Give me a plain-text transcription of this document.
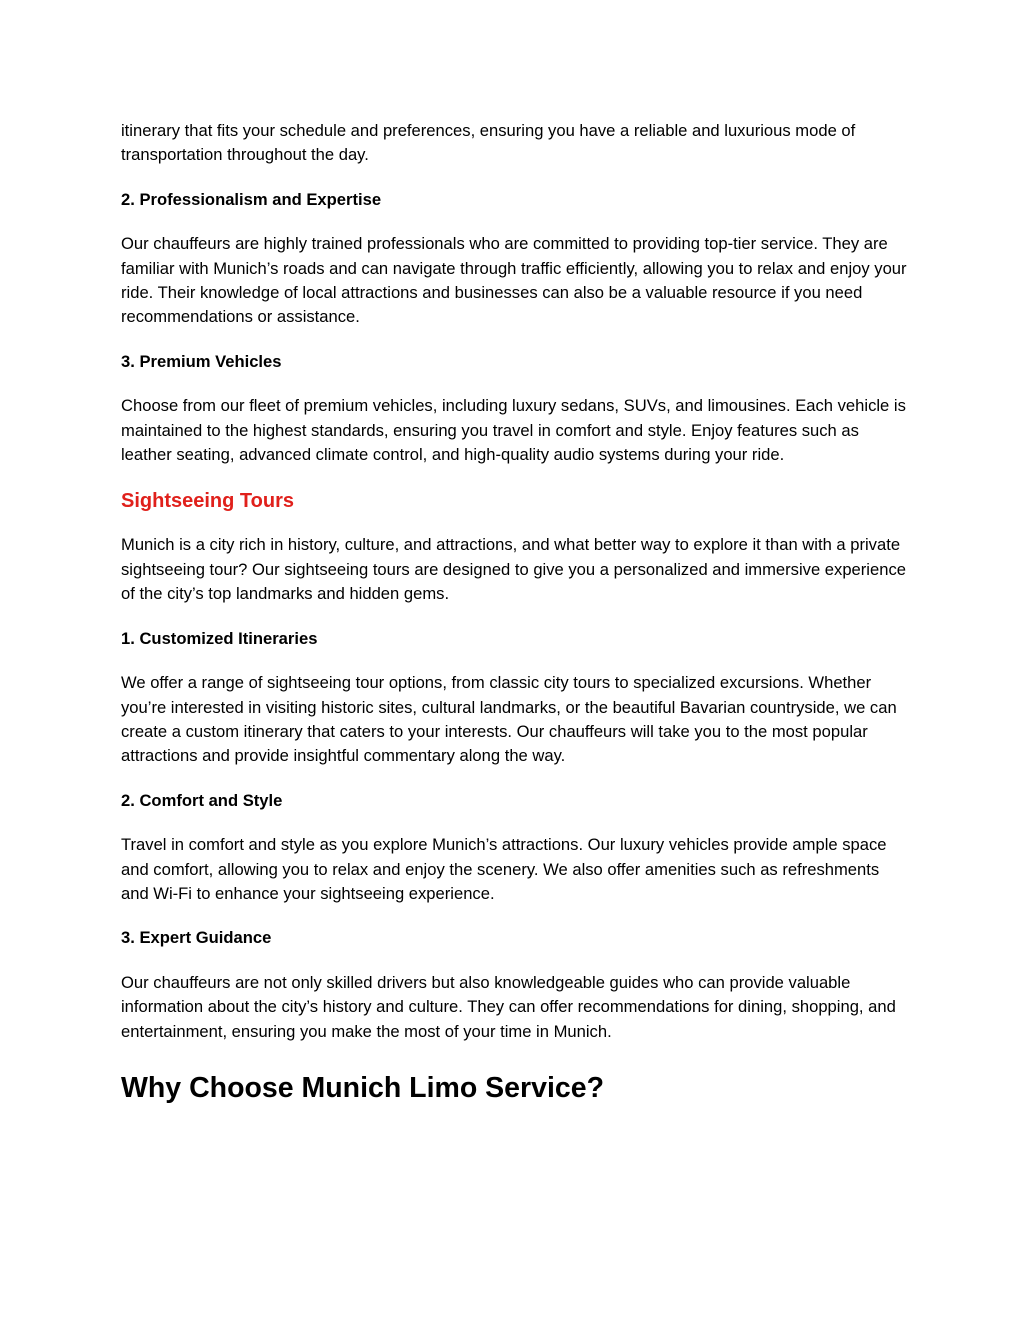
itinerary that fits your schedule and preferences, ensuring you have a reliable and luxurious mode of transportation throughout the day.

2. Professionalism and Expertise

Our chauffeurs are highly trained professionals who are committed to providing top-tier service. They are familiar with Munich’s roads and can navigate through traffic efficiently, allowing you to relax and enjoy your ride. Their knowledge of local attractions and businesses can also be a valuable resource if you need recommendations or assistance.

3. Premium Vehicles

Choose from our fleet of premium vehicles, including luxury sedans, SUVs, and limousines. Each vehicle is maintained to the highest standards, ensuring you travel in comfort and style. Enjoy features such as leather seating, advanced climate control, and high-quality audio systems during your ride.

Sightseeing Tours

Munich is a city rich in history, culture, and attractions, and what better way to explore it than with a private sightseeing tour? Our sightseeing tours are designed to give you a personalized and immersive experience of the city’s top landmarks and hidden gems.

1. Customized Itineraries

We offer a range of sightseeing tour options, from classic city tours to specialized excursions. Whether you’re interested in visiting historic sites, cultural landmarks, or the beautiful Bavarian countryside, we can create a custom itinerary that caters to your interests. Our chauffeurs will take you to the most popular attractions and provide insightful commentary along the way.

2. Comfort and Style

Travel in comfort and style as you explore Munich’s attractions. Our luxury vehicles provide ample space and comfort, allowing you to relax and enjoy the scenery. We also offer amenities such as refreshments and Wi-Fi to enhance your sightseeing experience.

3. Expert Guidance

Our chauffeurs are not only skilled drivers but also knowledgeable guides who can provide valuable information about the city’s history and culture. They can offer recommendations for dining, shopping, and entertainment, ensuring you make the most of your time in Munich.

Why Choose Munich Limo Service?
